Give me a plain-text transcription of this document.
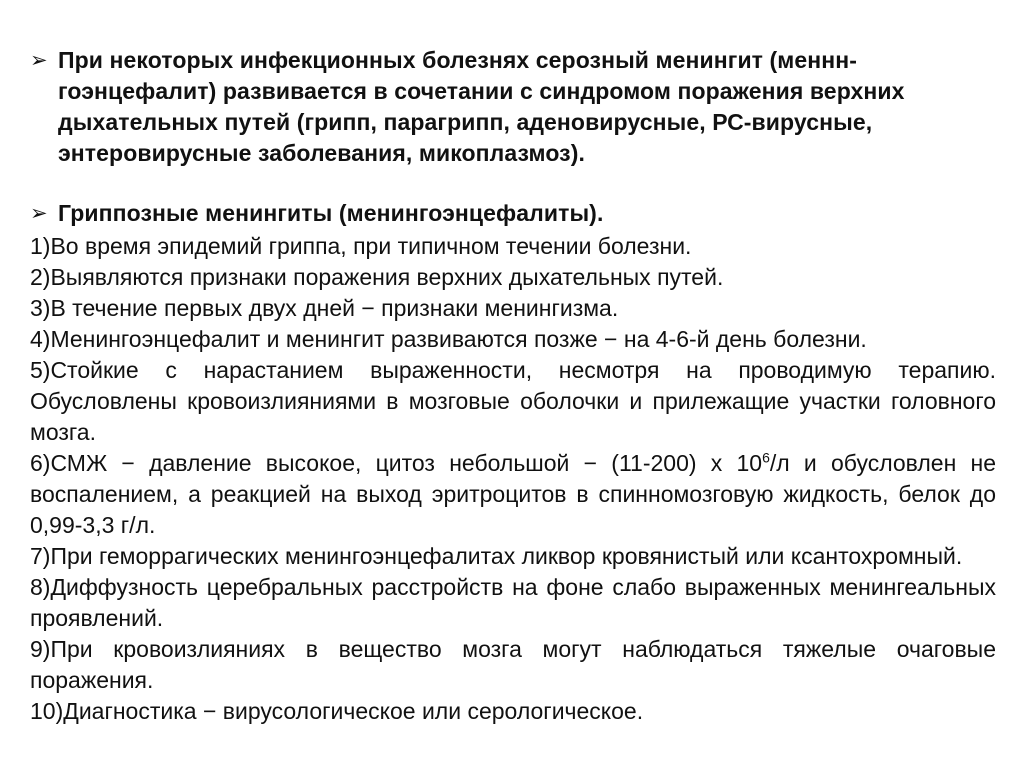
➢ При некоторых инфекционных болезнях серозный менингит (менннгоэнцефалит) развивается в сочетании с синдромом поражения верхних дыхательных путей (грипп, парагрипп, аденовирусные, РС-вирусные, энтеровирусные заболевания, микоплазмоз).
➢ Гриппозные менингиты (менингоэнцефалиты).
1)Во время эпидемий гриппа, при типичном течении болезни.
2)Выявляются признаки поражения верхних дыхательных путей.
3)В течение первых двух дней − признаки менингизма.
4)Менингоэнцефалит и менингит развиваются позже − на 4-6-й день болезни.
5)Стойкие с нарастанием выраженности, несмотря на проводимую терапию. Обусловлены кровоизлияниями в мозговые оболочки и прилежащие участки головного мозга.
6)СМЖ − давление высокое, цитоз небольшой − (11-200) х $10^6/л$ и обусловлен не воспалением, а реакцией на выход эритроцитов в спинномозговую жидкость, белок до 0,99-3,3 г/л.
7)При геморрагических менингоэнцефалитах ликвор кровянистый или ксантохромный.
8)Диффузность церебральных расстройств на фоне слабо выраженных менингеальных проявлений.
9)При кровоизлияниях в вещество мозга могут наблюдаться тяжелые очаговые поражения.
10)Диагностика − вирусологическое или серологическое.
